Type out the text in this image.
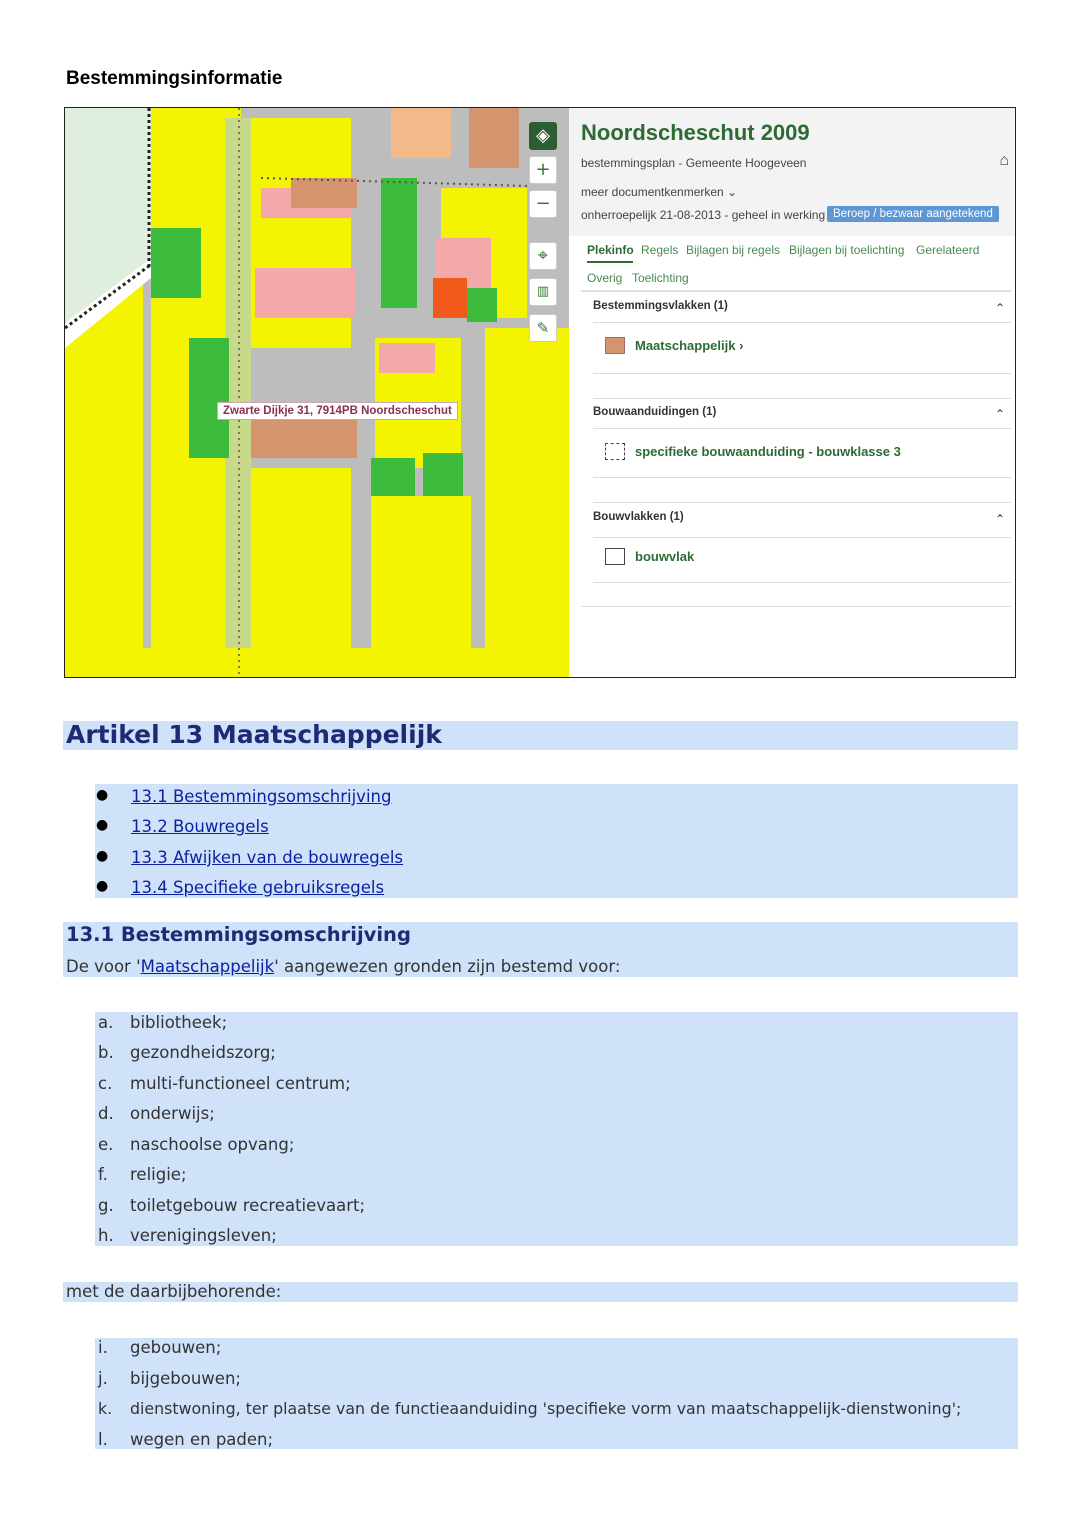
Bestemmingsinformatie
◈
+
−
⌖
▥
✎
Zwarte Dijkje 31, 7914PB Noordscheschut
Noordscheschut 2009
bestemmingsplan - Gemeente Hoogeveen	⌂
meer documentkenmerken ⌄
onherroepelijk 21-08-2013 - geheel in werking Beroep / bezwaar aangetekend
Plekinfo Regels Bijlagen bij regels Bijlagen bij toelichting Gerelateerd
Overig Toelichting
Bestemmingsvlakken (1)	⌃
Maatschappelijk ›
Bouwaanduidingen (1)	⌃
specifieke bouwaanduiding - bouwklasse 3
Bouwvlakken (1)	⌃
bouwvlak
Artikel 13 Maatschappelijk
● 13.1 Bestemmingsomschrijving
● 13.2 Bouwregels
● 13.3 Afwijken van de bouwregels
● 13.4 Specifieke gebruiksregels
13.1 Bestemmingsomschrijving
De voor 'Maatschappelijk' aangewezen gronden zijn bestemd voor:
a. bibliotheek;
b. gezondheidszorg;
c. multi-functioneel centrum;
d. onderwijs;
e. naschoolse opvang;
f. religie;
g. toiletgebouw recreatievaart;
h. verenigingsleven;
met de daarbijbehorende:
i. gebouwen;
j. bijgebouwen;
k. dienstwoning, ter plaatse van de functieaanduiding 'specifieke vorm van maatschappelijk-dienstwoning';
l. wegen en paden;
